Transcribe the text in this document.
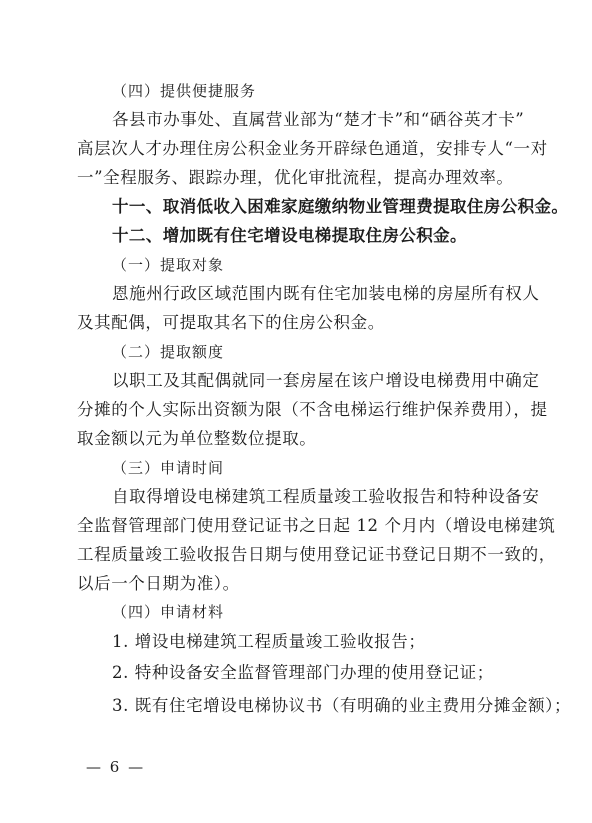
（四）提供便捷服务
各县市办事处、直属营业部为“楚才卡”和“硒谷英才卡”
高层次人才办理住房公积金业务开辟绿色通道，安排专人“一对
一”全程服务、跟踪办理，优化审批流程，提高办理效率。
十一、取消低收入困难家庭缴纳物业管理费提取住房公积金。
十二、增加既有住宅增设电梯提取住房公积金。
（一）提取对象
恩施州行政区域范围内既有住宅加装电梯的房屋所有权人
及其配偶，可提取其名下的住房公积金。
（二）提取额度
以职工及其配偶就同一套房屋在该户增设电梯费用中确定
分摊的个人实际出资额为限（不含电梯运行维护保养费用），提
取金额以元为单位整数位提取。
（三）申请时间
自取得增设电梯建筑工程质量竣工验收报告和特种设备安
全监督管理部门使用登记证书之日起 12 个月内（增设电梯建筑
工程质量竣工验收报告日期与使用登记证书登记日期不一致的，
以后一个日期为准）。
（四）申请材料
1. 增设电梯建筑工程质量竣工验收报告；
2. 特种设备安全监督管理部门办理的使用登记证；
3. 既有住宅增设电梯协议书（有明确的业主费用分摊金额）；
— 6 —
